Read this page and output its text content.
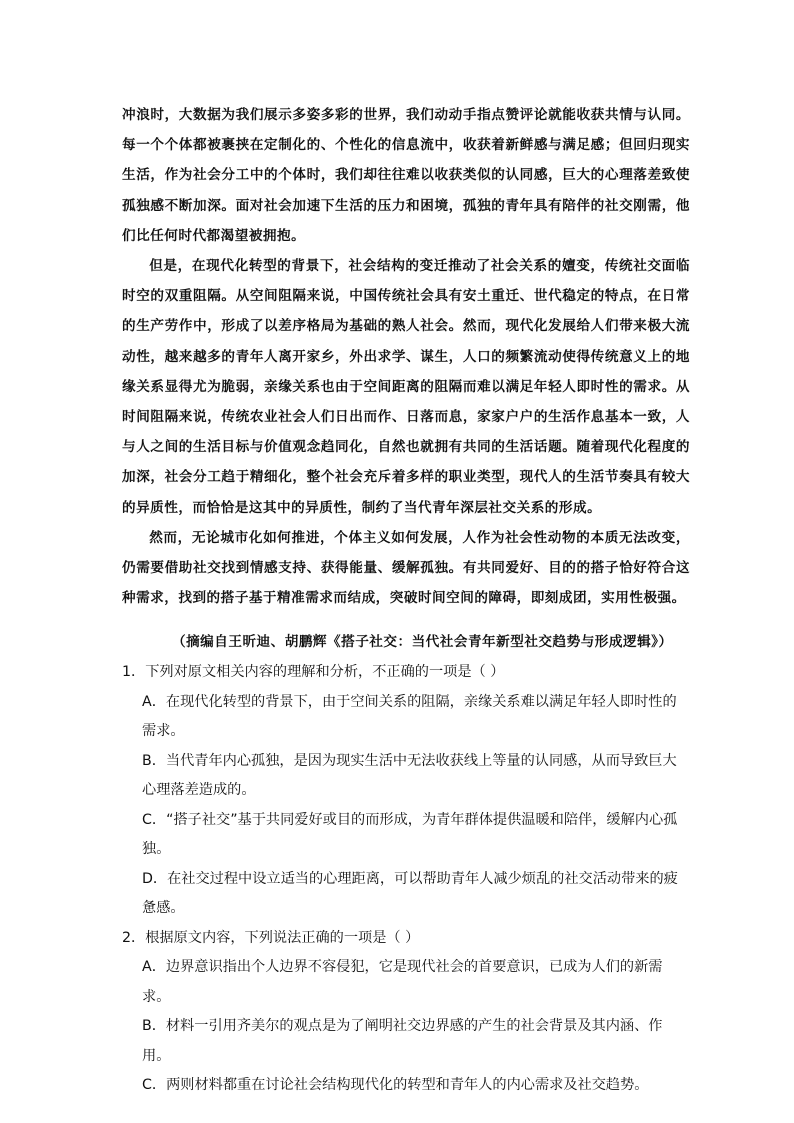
冲浪时，大数据为我们展示多姿多彩的世界，我们动动手指点赞评论就能收获共情与认同。每一个个体都被裹挟在定制化的、个性化的信息流中，收获着新鲜感与满足感；但回归现实生活，作为社会分工中的个体时，我们却往往难以收获类似的认同感，巨大的心理落差致使孤独感不断加深。面对社会加速下生活的压力和困境，孤独的青年具有陪伴的社交刚需，他们比任何时代都渴望被拥抱。

但是，在现代化转型的背景下，社会结构的变迁推动了社会关系的嬗变，传统社交面临时空的双重阻隔。从空间阻隔来说，中国传统社会具有安土重迁、世代稳定的特点，在日常的生产劳作中，形成了以差序格局为基础的熟人社会。然而，现代化发展给人们带来极大流动性，越来越多的青年人离开家乡，外出求学、谋生，人口的频繁流动使得传统意义上的地缘关系显得尤为脆弱，亲缘关系也由于空间距离的阻隔而难以满足年轻人即时性的需求。从时间阻隔来说，传统农业社会人们日出而作、日落而息，家家户户的生活作息基本一致，人与人之间的生活目标与价值观念趋同化，自然也就拥有共同的生活话题。随着现代化程度的加深，社会分工趋于精细化，整个社会充斥着多样的职业类型，现代人的生活节奏具有较大的异质性，而恰恰是这其中的异质性，制约了当代青年深层社交关系的形成。

然而，无论城市化如何推进，个体主义如何发展，人作为社会性动物的本质无法改变，仍需要借助社交找到情感支持、获得能量、缓解孤独。有共同爱好、目的的搭子恰好符合这种需求，找到的搭子基于精准需求而结成，突破时间空间的障碍，即刻成团，实用性极强。

（摘编自王昕迪、胡鹏辉《搭子社交：当代社会青年新型社交趋势与形成逻辑》）

1．下列对原文相关内容的理解和分析，不正确的一项是（ ）

A．在现代化转型的背景下，由于空间关系的阻隔，亲缘关系难以满足年轻人即时性的需求。

B．当代青年内心孤独，是因为现实生活中无法收获线上等量的认同感，从而导致巨大心理落差造成的。

C．“搭子社交”基于共同爱好或目的而形成，为青年群体提供温暖和陪伴，缓解内心孤独。

D．在社交过程中设立适当的心理距离，可以帮助青年人减少烦乱的社交活动带来的疲惫感。

2．根据原文内容，下列说法正确的一项是（ ）

A．边界意识指出个人边界不容侵犯，它是现代社会的首要意识，已成为人们的新需求。

B．材料一引用齐美尔的观点是为了阐明社交边界感的产生的社会背景及其内涵、作用。

C．两则材料都重在讨论社会结构现代化的转型和青年人的内心需求及社交趋势。
